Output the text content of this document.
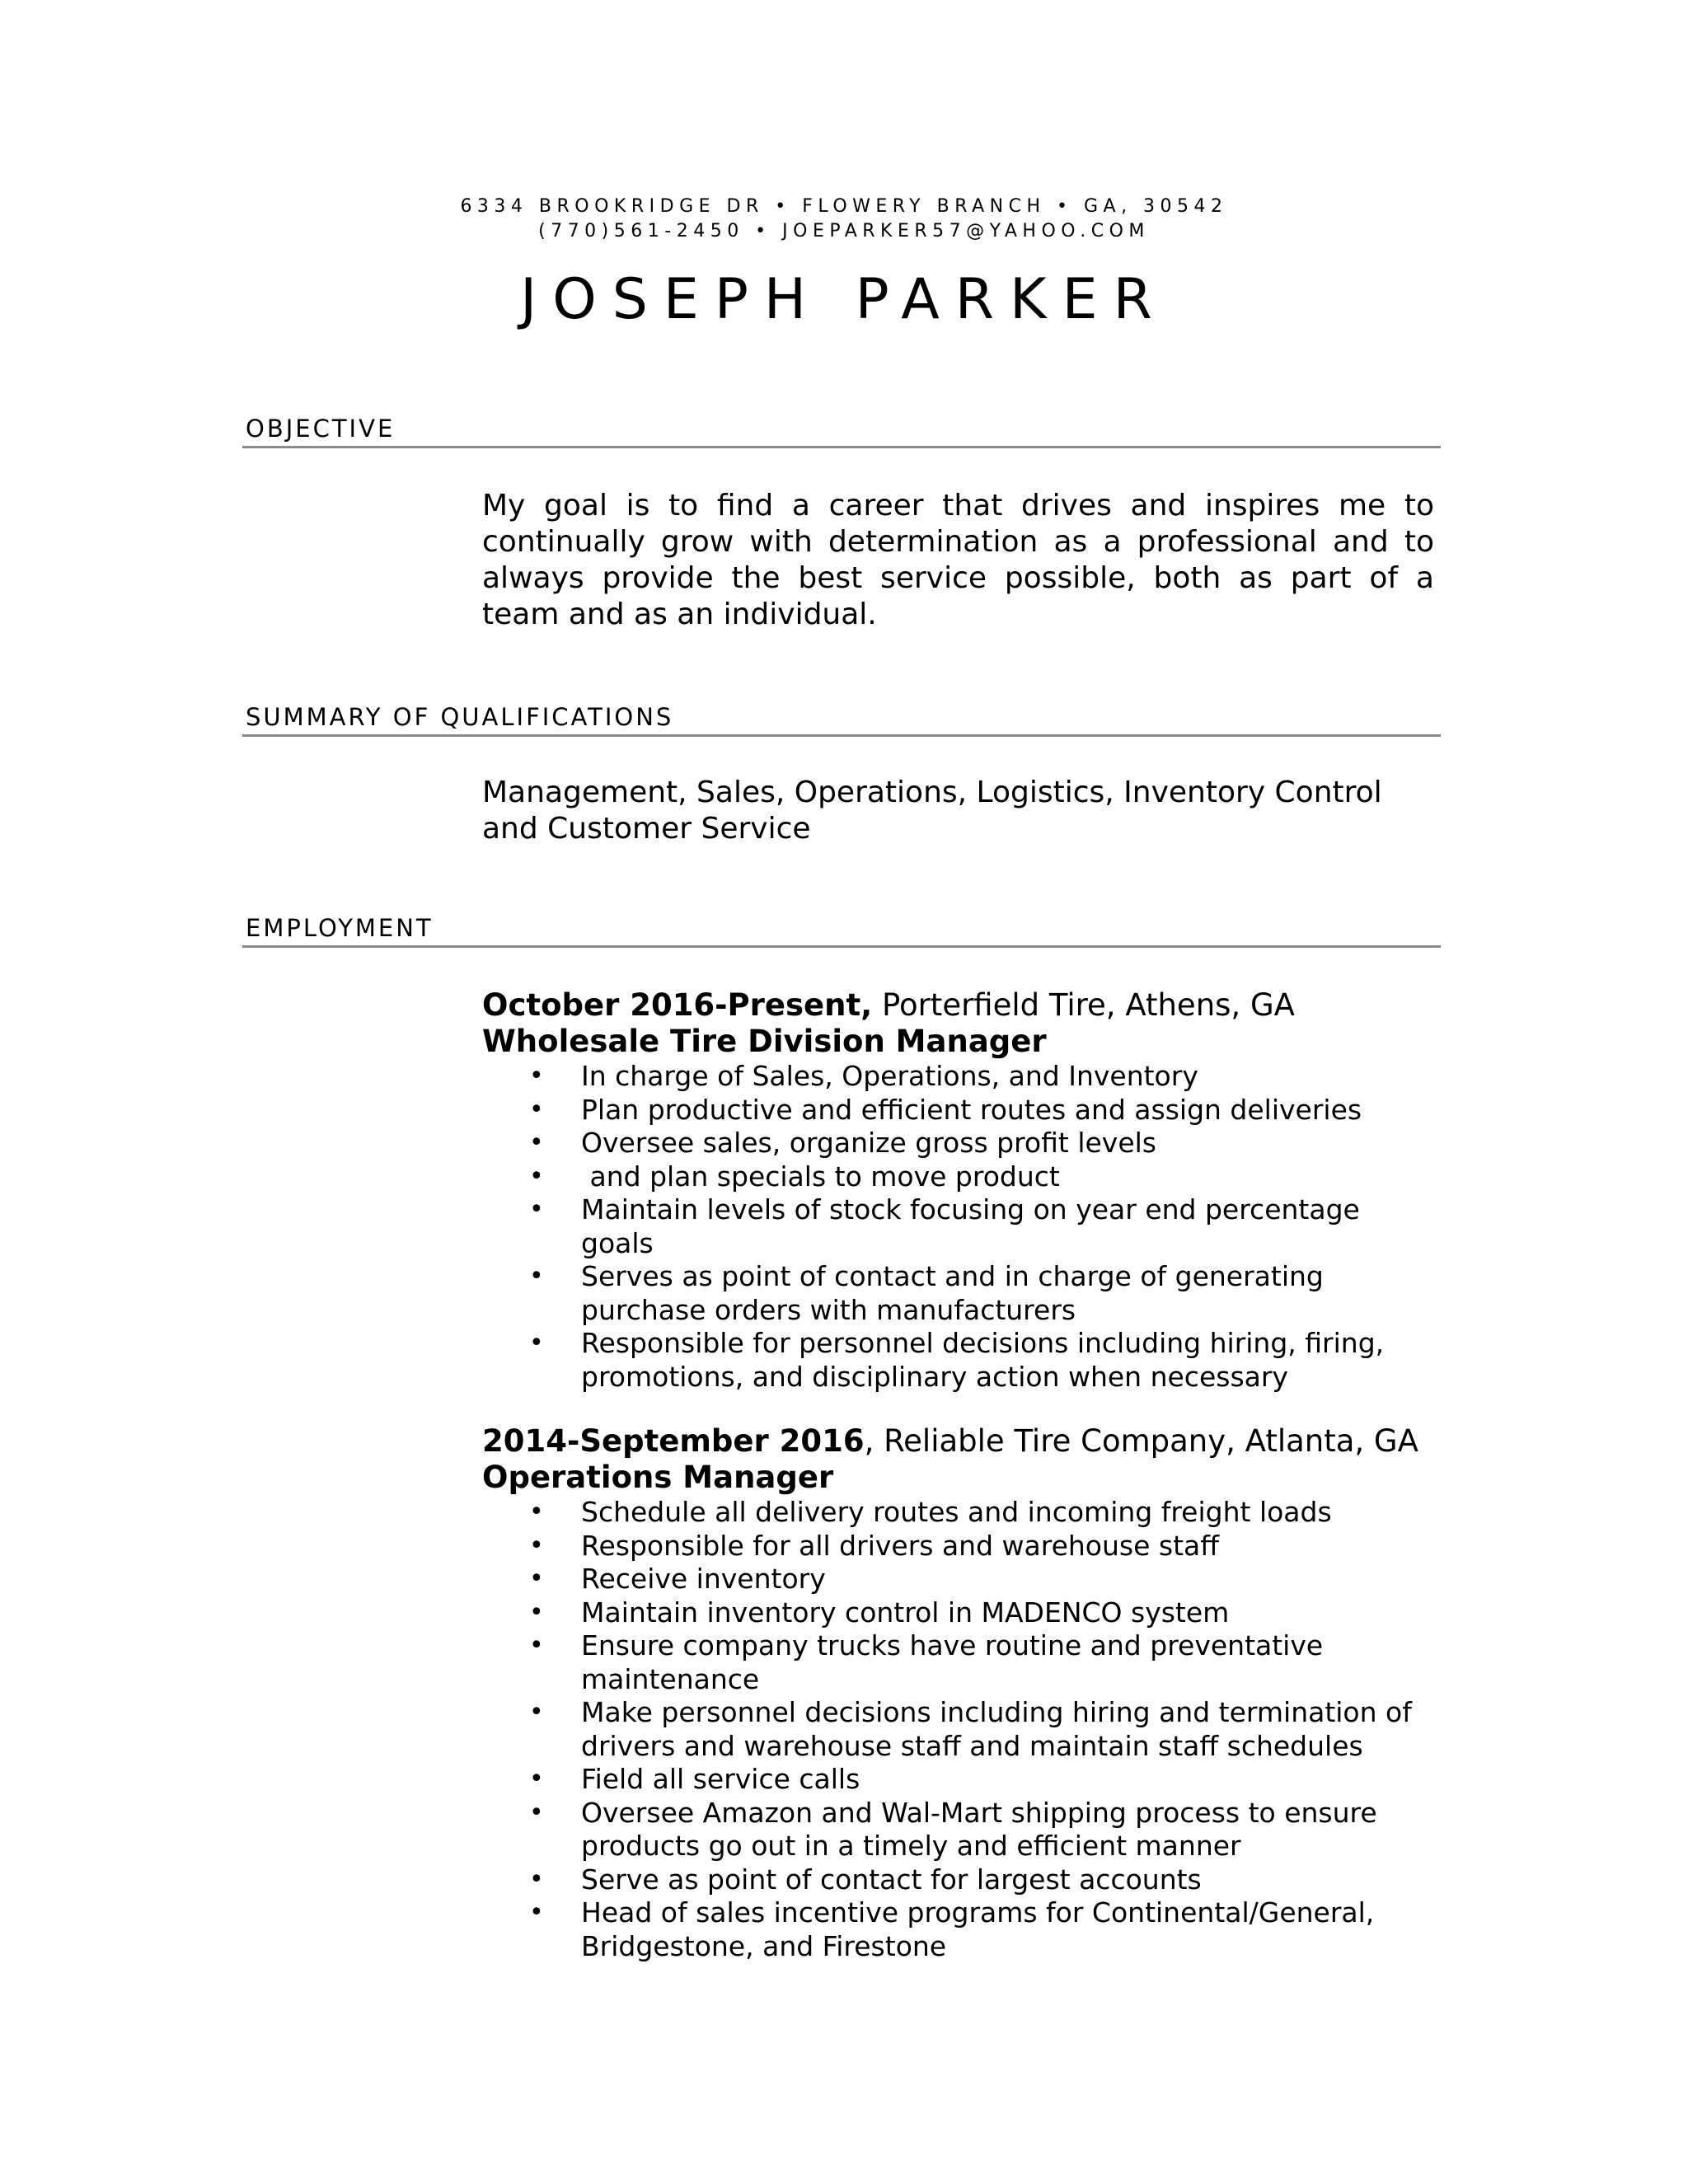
6334 BROOKRIDGE DR • FLOWERY BRANCH • GA, 30542
(770)561-2450 • JOEPARKER57@YAHOO.COM
JOSEPH PARKER
OBJECTIVE
My goal is to find a career that drives and inspires me to continually grow with determination as a professional and to always provide the best service possible, both as part of a team and as an individual.
SUMMARY OF QUALIFICATIONS
Management, Sales, Operations, Logistics, Inventory Control
and Customer Service
EMPLOYMENT
October 2016-Present, Porterfield Tire, Athens, GA
Wholesale Tire Division Manager
• In charge of Sales, Operations, and Inventory
• Plan productive and efficient routes and assign deliveries
• Oversee sales, organize gross profit levels
• and plan specials to move product
• Maintain levels of stock focusing on year end percentage goals
• Serves as point of contact and in charge of generating purchase orders with manufacturers
• Responsible for personnel decisions including hiring, firing, promotions, and disciplinary action when necessary
2014-September 2016, Reliable Tire Company, Atlanta, GA
Operations Manager
• Schedule all delivery routes and incoming freight loads
• Responsible for all drivers and warehouse staff
• Receive inventory
• Maintain inventory control in MADENCO system
• Ensure company trucks have routine and preventative maintenance
• Make personnel decisions including hiring and termination of drivers and warehouse staff and maintain staff schedules
• Field all service calls
• Oversee Amazon and Wal-Mart shipping process to ensure products go out in a timely and efficient manner
• Serve as point of contact for largest accounts
• Head of sales incentive programs for Continental/General, Bridgestone, and Firestone
